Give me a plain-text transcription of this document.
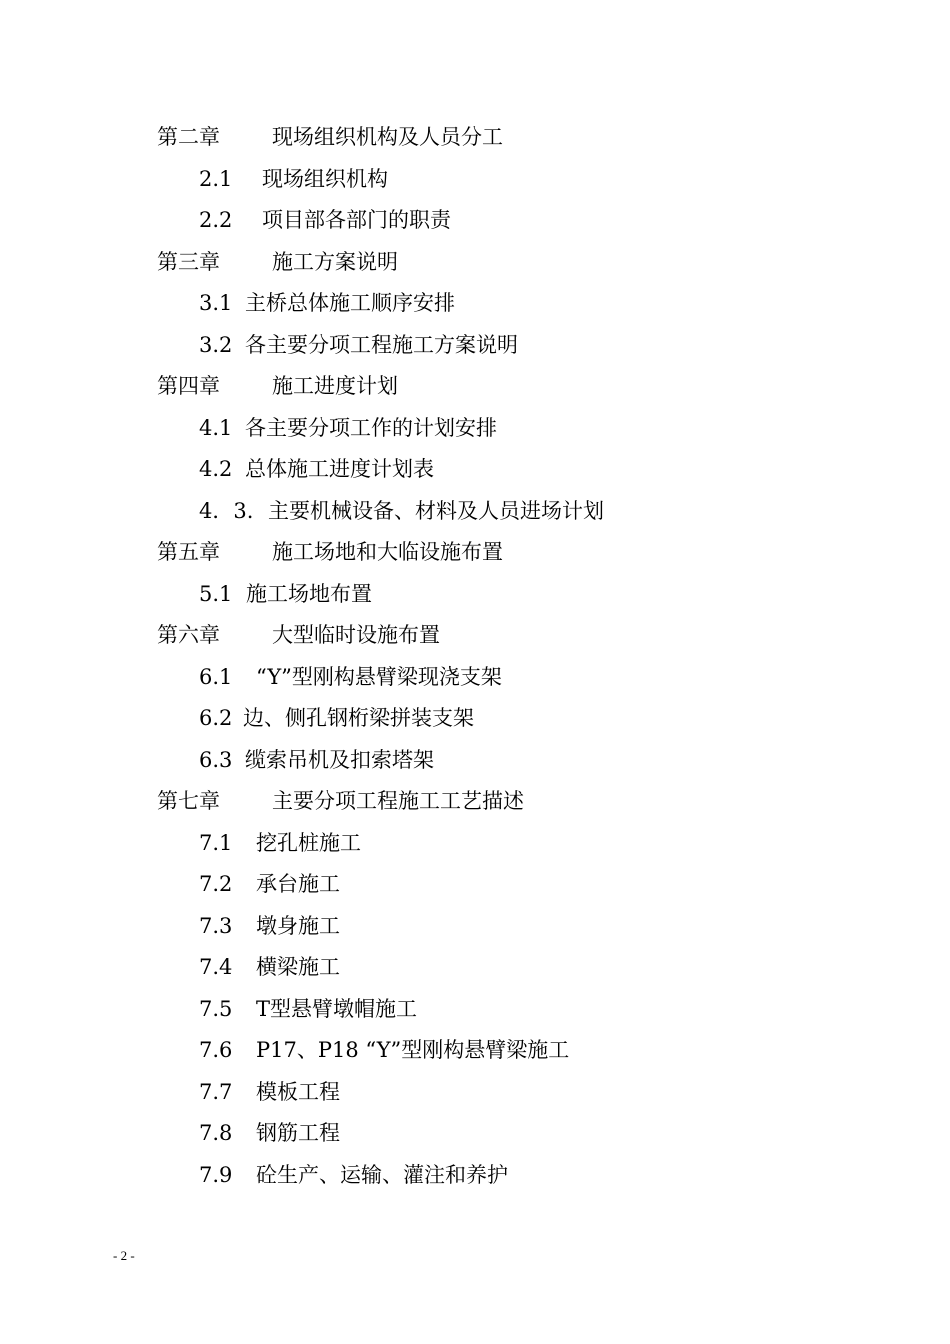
第二章 现场组织机构及人员分工
2.1 现场组织机构
2.2 项目部各部门的职责
第三章 施工方案说明
3.1 主桥总体施工顺序安排
3.2 各主要分项工程施工方案说明
第四章 施工进度计划
4.1 各主要分项工作的计划安排
4.2 总体施工进度计划表
4．3. 主要机械设备、材料及人员进场计划
第五章 施工场地和大临设施布置
5.1 施工场地布置
第六章 大型临时设施布置
6.1 “Y”型刚构悬臂梁现浇支架
6.2 边、侧孔钢桁梁拼装支架
6.3 缆索吊机及扣索塔架
第七章 主要分项工程施工工艺描述
7.1 挖孔桩施工
7.2 承台施工
7.3 墩身施工
7.4 横梁施工
7.5 T型悬臂墩帽施工
7.6 P17、P18 “Y”型刚构悬臂梁施工
7.7 模板工程
7.8 钢筋工程
7.9 砼生产、运输、灌注和养护
- 2 -
